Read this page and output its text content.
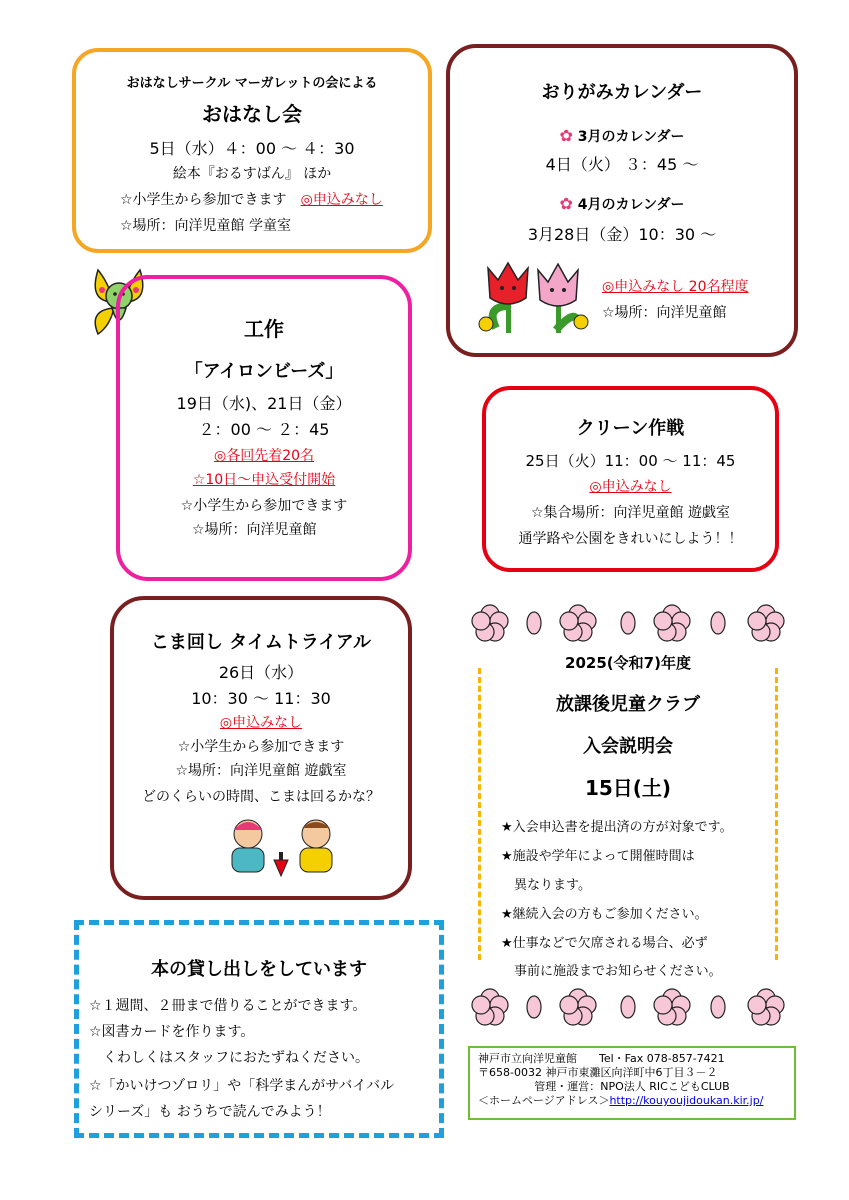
おはなしサークル マーガレットの会による
おはなし会
5日（水）４：00 ～ ４：30
絵本『おるすばん』 ほか
☆小学生から参加できます　 ◎申込みなし
☆場所：向洋児童館 学童室
おりがみカレンダー
✿ 3月のカレンダー
4日（火） ３：45 ～
✿ 4月のカレンダー
3月28日（金）10：30 ～
◎申込みなし 20名程度
☆場所：向洋児童館
工作
「アイロンビーズ」
19日（水)、21日（金）
２：00 ～ ２：45
◎各回先着20名
☆10日～申込受付開始
☆小学生から参加できます
☆場所：向洋児童館
クリーン作戦
25日（火）11：00 ～ 11：45
◎申込みなし
☆集合場所：向洋児童館 遊戯室
通学路や公園をきれいにしよう！！
こま回し タイムトライアル
26日（水）
10：30 ～ 11：30
◎申込みなし
☆小学生から参加できます
☆場所：向洋児童館 遊戯室
どのくらいの時間、こまは回るかな？
2025(令和7)年度
放課後児童クラブ
入会説明会
15日(土)
★入会申込書を提出済の方が対象です。
★施設や学年によって開催時間は
　異なります。
★継続入会の方もご参加ください。
★仕事などで欠席される場合、必ず
　事前に施設までお知らせください。
本の貸し出しをしています
☆１週間、２冊まで借りることができます。
☆図書カードを作ります。
　くわしくはスタッフにおたずねください。
☆「かいけつゾロリ」や「科学まんがサバイバル
シリーズ」も おうちで読んでみよう！
神戸市立向洋児童館　　 Tel・Fax 078-857-7421
〒658-0032 神戸市東灘区向洋町中6丁目３－２
管理・運営：NPO法人 RICこどもCLUB
＜ホームページアドレス＞http://kouyoujidoukan.kir.jp/
